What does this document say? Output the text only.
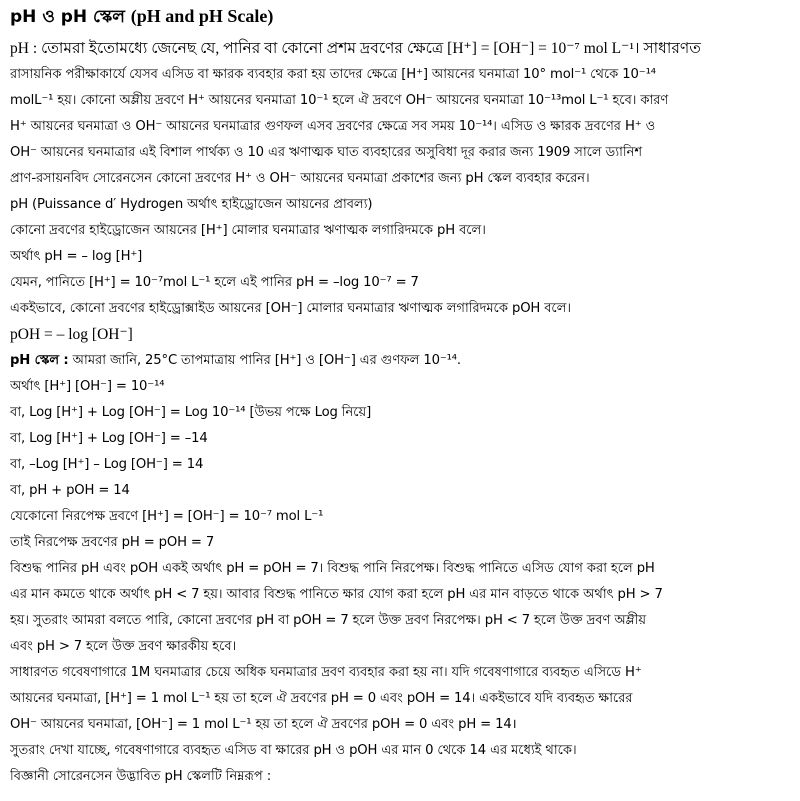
pH ও pH স্কেল (pH and pH Scale)
pH : তোমরা ইতোমধ্যে জেনেছ যে, পানির বা কোনো প্রশম দ্রবণের ক্ষেত্রে [H⁺] = [OH⁻] = 10⁻⁷ mol L⁻¹। সাধারণত
রাসায়নিক পরীক্ষাকার্যে যেসব এসিড বা ক্ষারক ব্যবহার করা হয় তাদের ক্ষেত্রে [H⁺] আয়নের ঘনমাত্রা 10° mol⁻¹ থেকে 10⁻¹⁴
molL⁻¹ হয়। কোনো অম্লীয় দ্রবণে H⁺ আয়নের ঘনমাত্রা 10⁻¹ হলে ঐ দ্রবণে OH⁻ আয়নের ঘনমাত্রা 10⁻¹³mol L⁻¹ হবে। কারণ
H⁺ আয়নের ঘনমাত্রা ও OH⁻ আয়নের ঘনমাত্রার গুণফল এসব দ্রবণের ক্ষেত্রে সব সময় 10⁻¹⁴। এসিড ও ক্ষারক দ্রবণের H⁺ ও
OH⁻ আয়নের ঘনমাত্রার এই বিশাল পার্থক্য ও 10 এর ঋণাত্মক ঘাত ব্যবহারের অসুবিধা দূর করার জন্য 1909 সালে ড্যানিশ
প্রাণ-রসায়নবিদ সোরেনসেন কোনো দ্রবণের H⁺ ও OH⁻ আয়নের ঘনমাত্রা প্রকাশের জন্য pH স্কেল ব্যবহার করেন।
pH (Puissance d′ Hydrogen অর্থাৎ হাইড্রোজেন আয়নের প্রাবল্য)
কোনো দ্রবণের হাইড্রোজেন আয়নের [H⁺] মোলার ঘনমাত্রার ঋণাত্মক লগারিদমকে pH বলে।
অর্থাৎ pH = – log [H⁺]
যেমন, পানিতে [H⁺] = 10⁻⁷mol L⁻¹ হলে এই পানির pH = –log 10⁻⁷ = 7
একইভাবে, কোনো দ্রবণের হাইড্রোক্সাইড আয়নের [OH⁻] মোলার ঘনমাত্রার ঋণাত্মক লগারিদমকে pOH বলে।
pOH = – log [OH⁻]
pH স্কেল : আমরা জানি, 25°C তাপমাত্রায় পানির [H⁺] ও [OH⁻] এর গুণফল 10⁻¹⁴.
অর্থাৎ [H⁺] [OH⁻] = 10⁻¹⁴
বা, Log [H⁺] + Log [OH⁻] = Log 10⁻¹⁴ [উভয় পক্ষে Log নিয়ে]
বা, Log [H⁺] + Log [OH⁻] = –14
বা, –Log [H⁺] – Log [OH⁻] = 14
বা, pH + pOH = 14
যেকোনো নিরপেক্ষ দ্রবণে [H⁺] = [OH⁻] = 10⁻⁷ mol L⁻¹
তাই নিরপেক্ষ দ্রবণের pH = pOH = 7
বিশুদ্ধ পানির pH এবং pOH একই অর্থাৎ pH = pOH = 7। বিশুদ্ধ পানি নিরপেক্ষ। বিশুদ্ধ পানিতে এসিড যোগ করা হলে pH
এর মান কমতে থাকে অর্থাৎ pH < 7 হয়। আবার বিশুদ্ধ পানিতে ক্ষার যোগ করা হলে pH এর মান বাড়তে থাকে অর্থাৎ pH > 7
হয়। সুতরাং আমরা বলতে পারি, কোনো দ্রবণের pH বা pOH = 7 হলে উক্ত দ্রবণ নিরপেক্ষ। pH < 7 হলে উক্ত দ্রবণ অম্লীয়
এবং pH > 7 হলে উক্ত দ্রবণ ক্ষারকীয় হবে।
সাধারণত গবেষণাগারে 1M ঘনমাত্রার চেয়ে অধিক ঘনমাত্রার দ্রবণ ব্যবহার করা হয় না। যদি গবেষণাগারে ব্যবহৃত এসিডে H⁺
আয়নের ঘনমাত্রা, [H⁺] = 1 mol L⁻¹ হয় তা হলে ঐ দ্রবণের pH = 0 এবং pOH = 14। একইভাবে যদি ব্যবহৃত ক্ষারের
OH⁻ আয়নের ঘনমাত্রা, [OH⁻] = 1 mol L⁻¹ হয় তা হলে ঐ দ্রবণের pOH = 0 এবং pH = 14।
সুতরাং দেখা যাচ্ছে, গবেষণাগারে ব্যবহৃত এসিড বা ক্ষারের pH ও pOH এর মান 0 থেকে 14 এর মধ্যেই থাকে।
বিজ্ঞানী সোরেনসেন উদ্ভাবিত pH স্কেলটি নিম্নরূপ :
